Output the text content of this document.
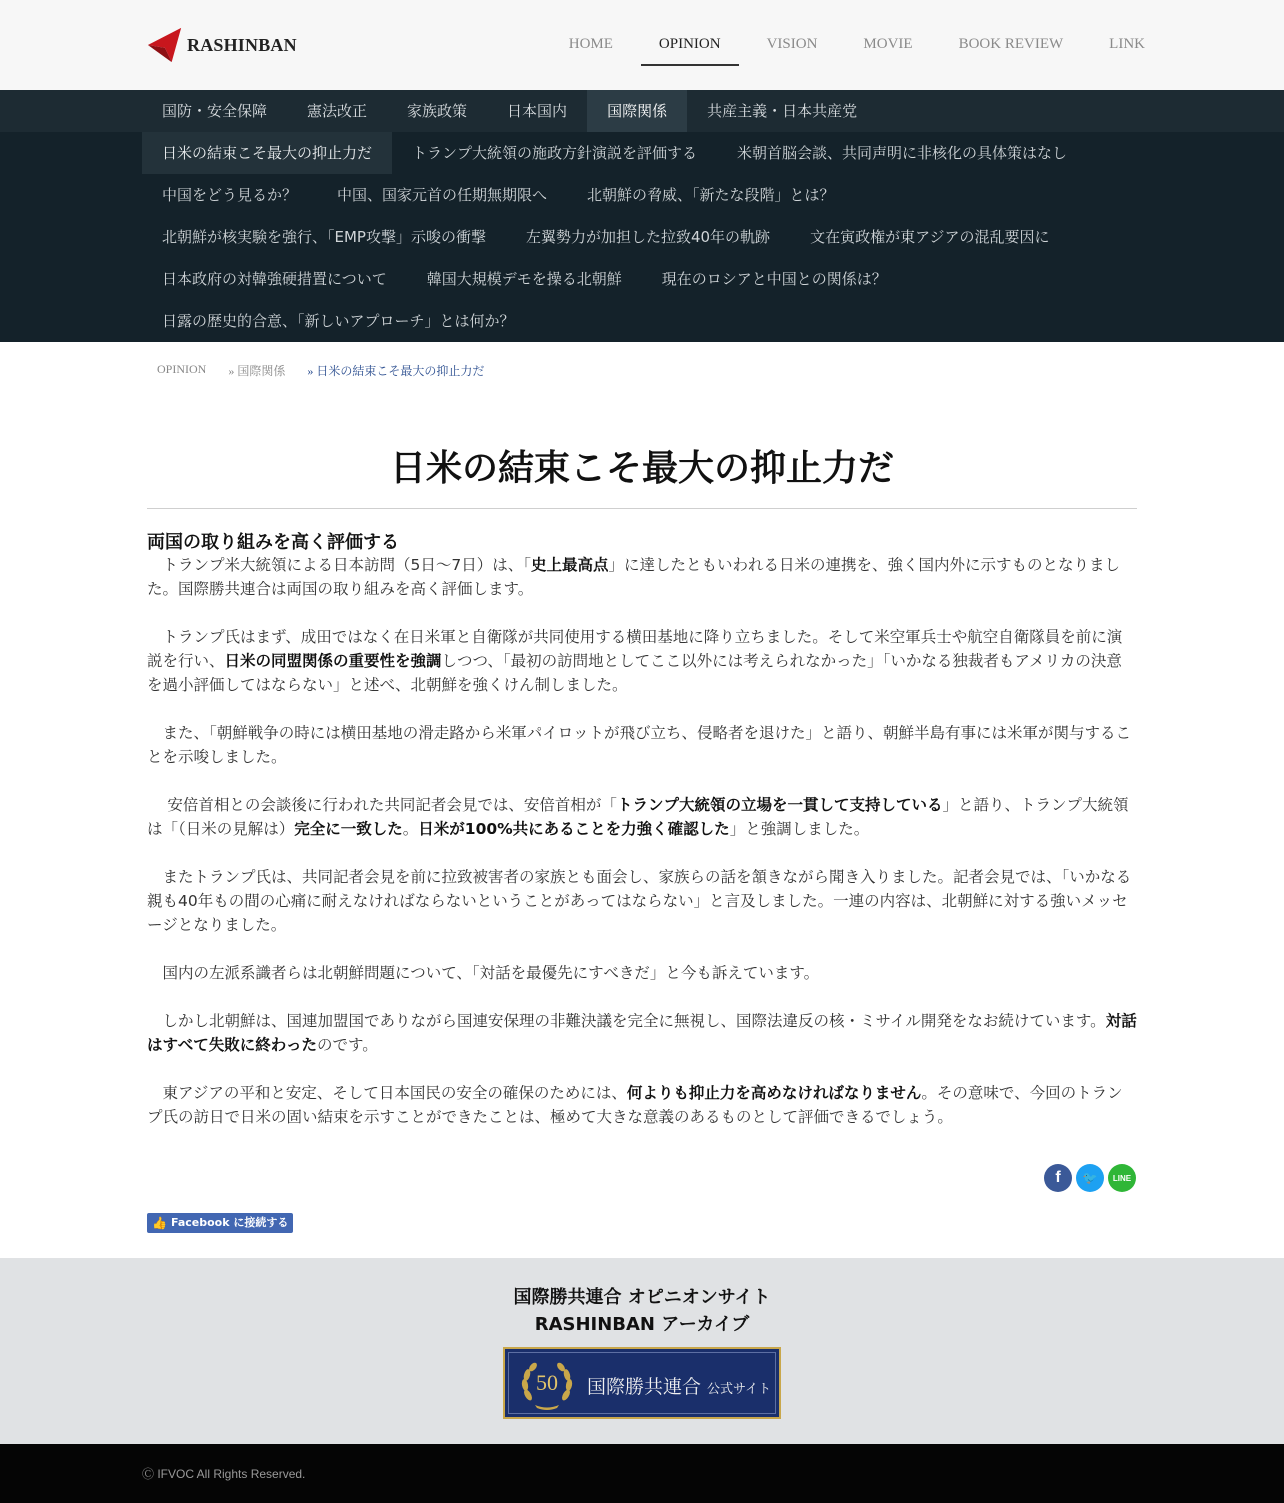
RASHINBAN	HOME	OPINION	VISION	MOVIE	BOOK REVIEW	LINK
国防・安全保障	憲法改正	家族政策	日本国内	国際関係	共産主義・日本共産党
日米の結束こそ最大の抑止力だ	トランプ大統領の施政方針演説を評価する	米朝首脳会談、共同声明に非核化の具体策はなし
中国をどう見るか？	中国、国家元首の任期無期限へ	北朝鮮の脅威、「新たな段階」とは？
北朝鮮が核実験を強行、「EMP攻撃」示唆の衝撃	左翼勢力が加担した拉致40年の軌跡	文在寅政権が東アジアの混乱要因に
日本政府の対韓強硬措置について	韓国大規模デモを操る北朝鮮	現在のロシアと中国との関係は？
日露の歴史的合意、「新しいアプローチ」とは何か？
OPINION » 国際関係 » 日米の結束こそ最大の抑止力だ
日米の結束こそ最大の抑止力だ
両国の取り組みを高く評価する

　トランプ米大統領による日本訪問（5日～7日）は、「史上最高点」に達したともいわれる日米の連携を、強く国内外に示すものとなりました。国際勝共連合は両国の取り組みを高く評価します。

　トランプ氏はまず、成田ではなく在日米軍と自衛隊が共同使用する横田基地に降り立ちました。そして米空軍兵士や航空自衛隊員を前に演説を行い、日米の同盟関係の重要性を強調しつつ、「最初の訪問地としてここ以外には考えられなかった」「いかなる独裁者もアメリカの決意を過小評価してはならない」と述べ、北朝鮮を強くけん制しました。

　また、「朝鮮戦争の時には横田基地の滑走路から米軍パイロットが飛び立ち、侵略者を退けた」と語り、朝鮮半島有事には米軍が関与することを示唆しました。

　 安倍首相との会談後に行われた共同記者会見では、安倍首相が「トランプ大統領の立場を一貫して支持している」と語り、トランプ大統領は「（日米の見解は）完全に一致した。日米が100%共にあることを力強く確認した」と強調しました。

　またトランプ氏は、共同記者会見を前に拉致被害者の家族とも面会し、家族らの話を頷きながら聞き入りました。記者会見では、「いかなる親も40年もの間の心痛に耐えなければならないということがあってはならない」と言及しました。一連の内容は、北朝鮮に対する強いメッセージとなりました。

　国内の左派系識者らは北朝鮮問題について、「対話を最優先にすべきだ」と今も訴えています。

　しかし北朝鮮は、国連加盟国でありながら国連安保理の非難決議を完全に無視し、国際法違反の核・ミサイル開発をなお続けています。対話はすべて失敗に終わったのです。

　東アジアの平和と安定、そして日本国民の安全の確保のためには、何よりも抑止力を高めなければなりません。その意味で、今回のトランプ氏の訪日で日米の固い結束を示すことができたことは、極めて大きな意義のあるものとして評価できるでしょう。

f	🐦	LINE
👍 Facebook に接続する
国際勝共連合 オピニオンサイト
RASHINBAN アーカイブ
50 国際勝共連合 公式サイト
Ⓒ IFVOC All Rights Reserved.
